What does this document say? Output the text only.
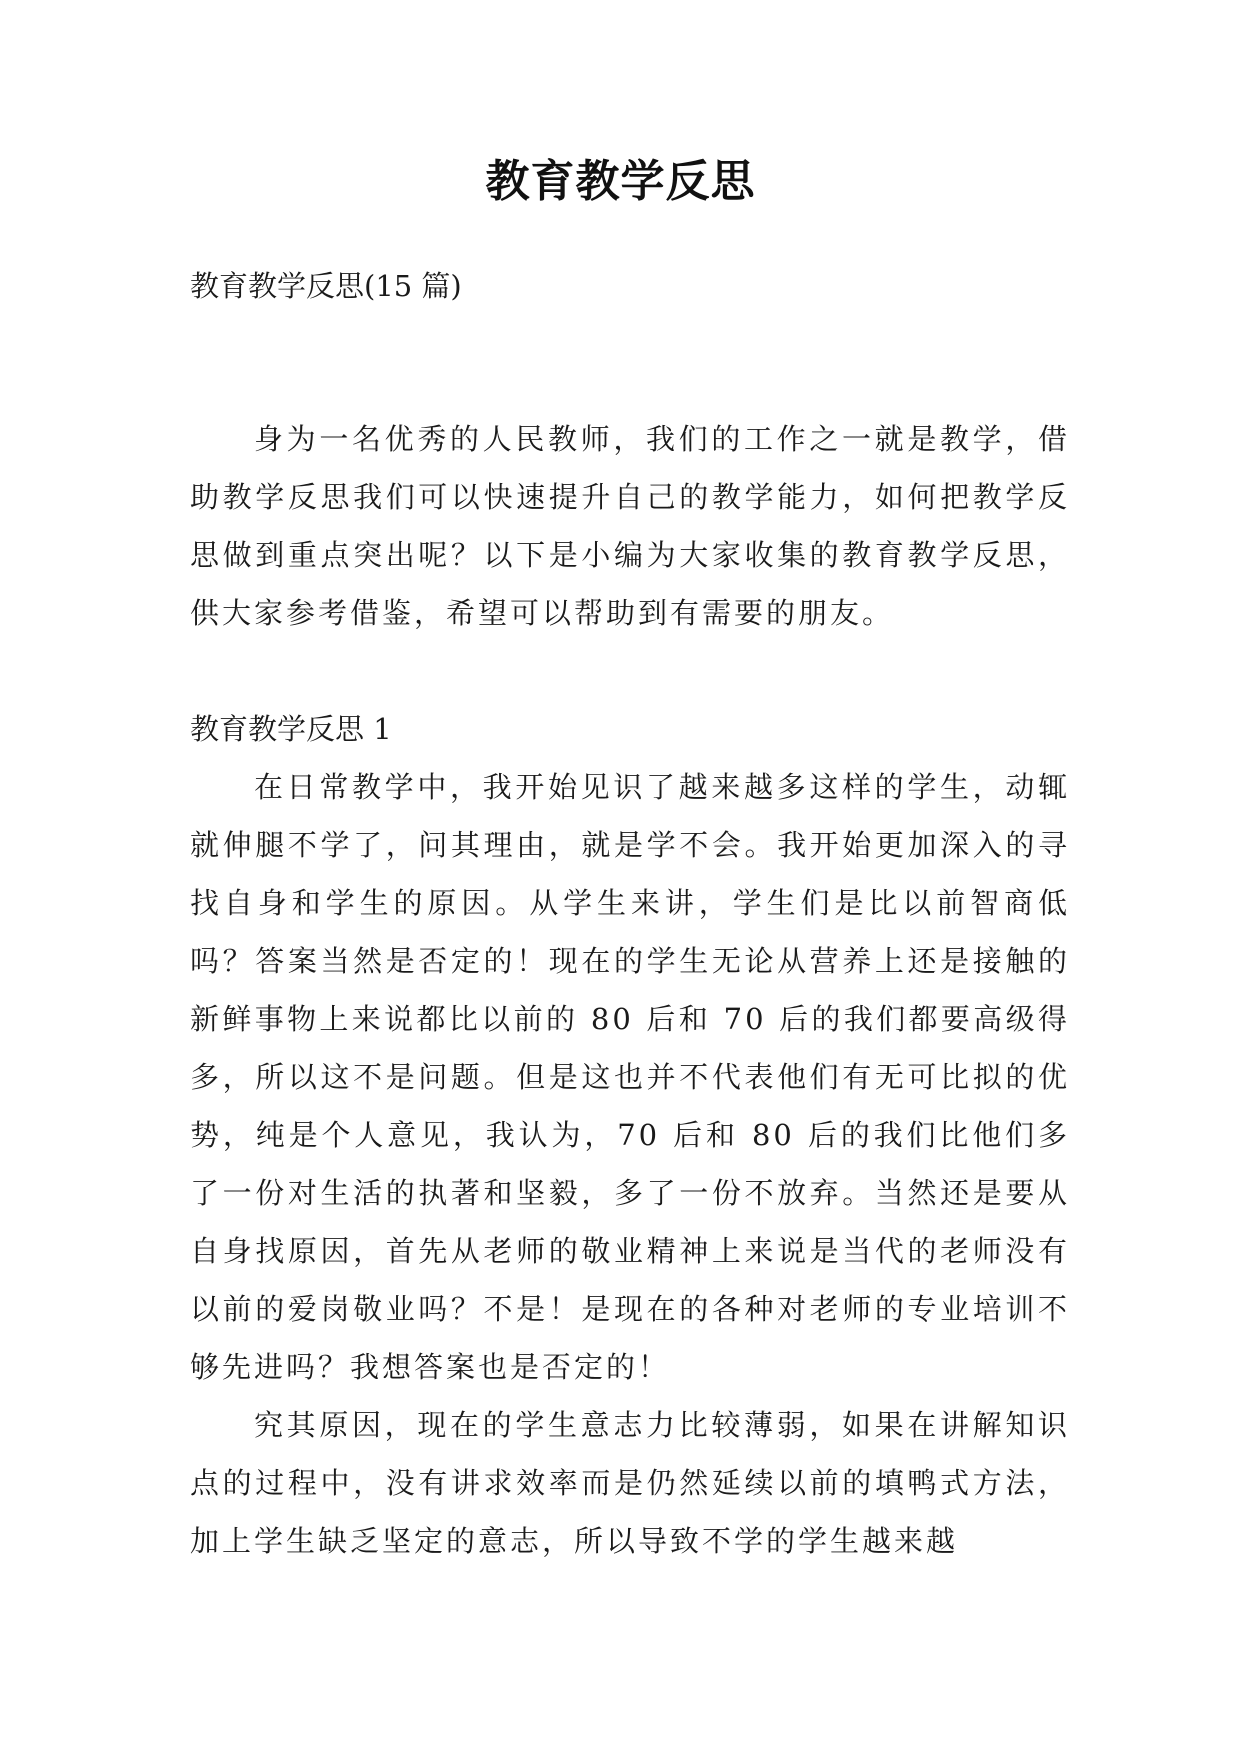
教育教学反思

教育教学反思(15 篇)

身为一名优秀的人民教师，我们的工作之一就是教学，借助教学反思我们可以快速提升自己的教学能力，如何把教学反思做到重点突出呢？以下是小编为大家收集的教育教学反思，供大家参考借鉴，希望可以帮助到有需要的朋友。

教育教学反思 1

在日常教学中，我开始见识了越来越多这样的学生，动辄就伸腿不学了，问其理由，就是学不会。我开始更加深入的寻找自身和学生的原因。从学生来讲，学生们是比以前智商低吗？答案当然是否定的！现在的学生无论从营养上还是接触的新鲜事物上来说都比以前的 80 后和 70 后的我们都要高级得多，所以这不是问题。但是这也并不代表他们有无可比拟的优势，纯是个人意见，我认为，70 后和 80 后的我们比他们多了一份对生活的执著和坚毅，多了一份不放弃。当然还是要从自身找原因，首先从老师的敬业精神上来说是当代的老师没有以前的爱岗敬业吗？不是！是现在的各种对老师的专业培训不够先进吗？我想答案也是否定的！

究其原因，现在的学生意志力比较薄弱，如果在讲解知识点的过程中，没有讲求效率而是仍然延续以前的填鸭式方法，加上学生缺乏坚定的意志，所以导致不学的学生越来越
